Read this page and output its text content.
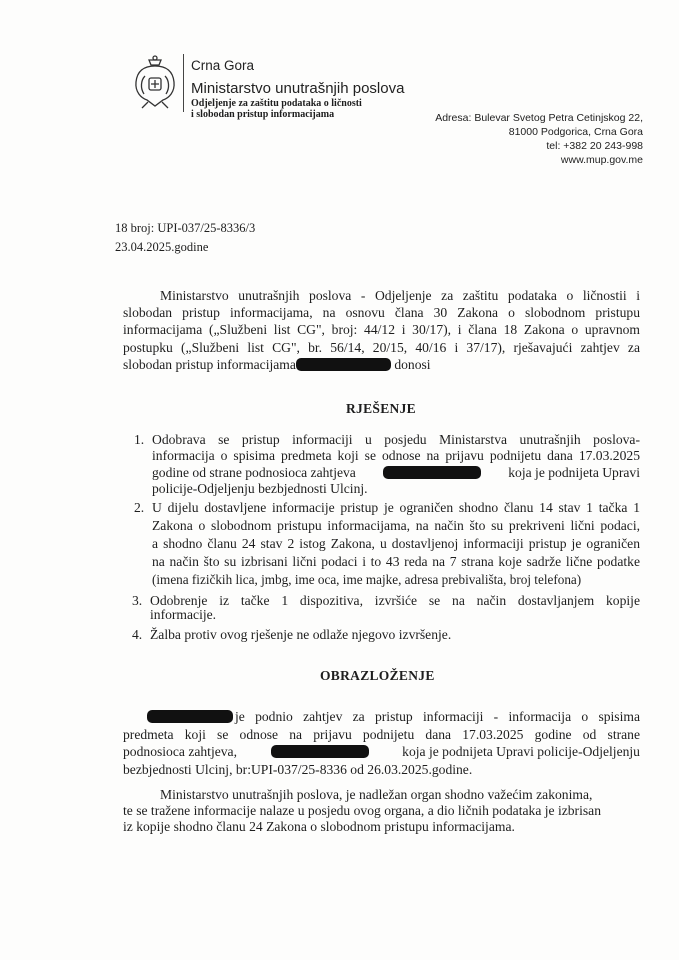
Crna Gora
Ministarstvo unutrašnjih poslova
Odjeljenje za zaštitu podataka o ličnosti
i slobodan pristup informacijama	Adresa: Bulevar Svetog Petra Cetinjskog 22,
81000 Podgorica, Crna Gora
tel: +382 20 243-998
www.mup.gov.me
18 broj: UPI-037/25-8336/3
23.04.2025.godine
Ministarstvo unutrašnjih poslova - Odjeljenje za zaštitu podataka o ličnostii i
slobodan pristup informacijama, na osnovu člana 30 Zakona o slobodnom pristupu
informacijama („Službeni list CG", broj: 44/12 i 30/17), i člana 18 Zakona o upravnom
postupku („Službeni list CG", br. 56/14, 20/15, 40/16 i 37/17), rješavajući zahtjev za
slobodan pristup informacijama	donosi
RJEŠENJE
1. Odobrava se pristup informaciji u posjedu Ministarstva unutrašnjih poslova-
informacija o spisima predmeta koji se odnose na prijavu podnijetu dana 17.03.2025
godine od strane podnosioca zahtjeva	koja je podnijeta Upravi
policije-Odjeljenju bezbjednosti Ulcinj.
2. U dijelu dostavljene informacije pristup je ograničen shodno članu 14 stav 1 tačka 1
Zakona o slobodnom pristupu informacijama, na način što su prekriveni lični podaci,
a shodno članu 24 stav 2 istog Zakona, u dostavljenoj informaciji pristup je ograničen
na način što su izbrisani lični podaci i to 43 reda na 7 strana koje sadrže lične podatke
(imena fizičkih lica, jmbg, ime oca, ime majke, adresa prebivališta, broj telefona)
3. Odobrenje iz tačke 1 dispozitiva, izvršiće se na način dostavljanjem kopije
informacije.
4. Žalba protiv ovog rješenje ne odlaže njegovo izvršenje.
OBRAZLOŽENJE
je podnio zahtjev za pristup informaciji - informacija o spisima
predmeta koji se odnose na prijavu podnijetu dana 17.03.2025 godine od strane
podnosioca zahtjeva,	koja je podnijeta Upravi policije-Odjeljenju
bezbjednosti Ulcinj, br:UPI-037/25-8336 od 26.03.2025.godine.
Ministarstvo unutrašnjih poslova, je nadležan organ shodno važećim zakonima,
te se tražene informacije nalaze u posjedu ovog organa, a dio ličnih podataka je izbrisan
iz kopije shodno članu 24 Zakona o slobodnom pristupu informacijama.
